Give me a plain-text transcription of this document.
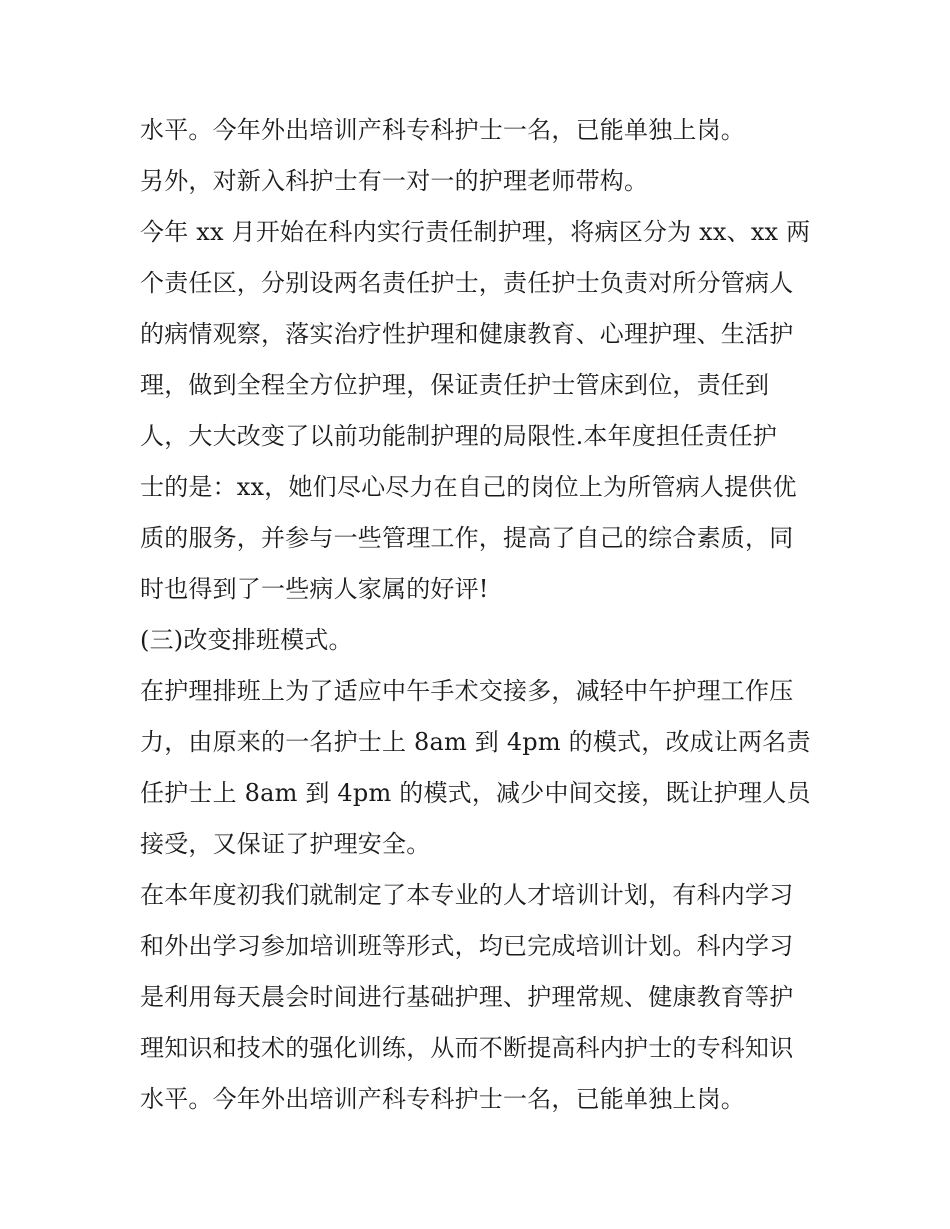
水平。今年外出培训产科专科护士一名，已能单独上岗。
另外，对新入科护士有一对一的护理老师带构。
今年 xx 月开始在科内实行责任制护理，将病区分为 xx、xx 两
个责任区，分别设两名责任护士，责任护士负责对所分管病人
的病情观察，落实治疗性护理和健康教育、心理护理、生活护
理，做到全程全方位护理，保证责任护士管床到位，责任到
人，大大改变了以前功能制护理的局限性.本年度担任责任护
士的是：xx，她们尽心尽力在自己的岗位上为所管病人提供优
质的服务，并参与一些管理工作，提高了自己的综合素质，同
时也得到了一些病人家属的好评!
(三)改变排班模式。
在护理排班上为了适应中午手术交接多，减轻中午护理工作压
力，由原来的一名护士上 8am 到 4pm 的模式，改成让两名责
任护士上 8am 到 4pm 的模式，减少中间交接，既让护理人员
接受，又保证了护理安全。
在本年度初我们就制定了本专业的人才培训计划，有科内学习
和外出学习参加培训班等形式，均已完成培训计划。科内学习
是利用每天晨会时间进行基础护理、护理常规、健康教育等护
理知识和技术的强化训练，从而不断提高科内护士的专科知识
水平。今年外出培训产科专科护士一名，已能单独上岗。
